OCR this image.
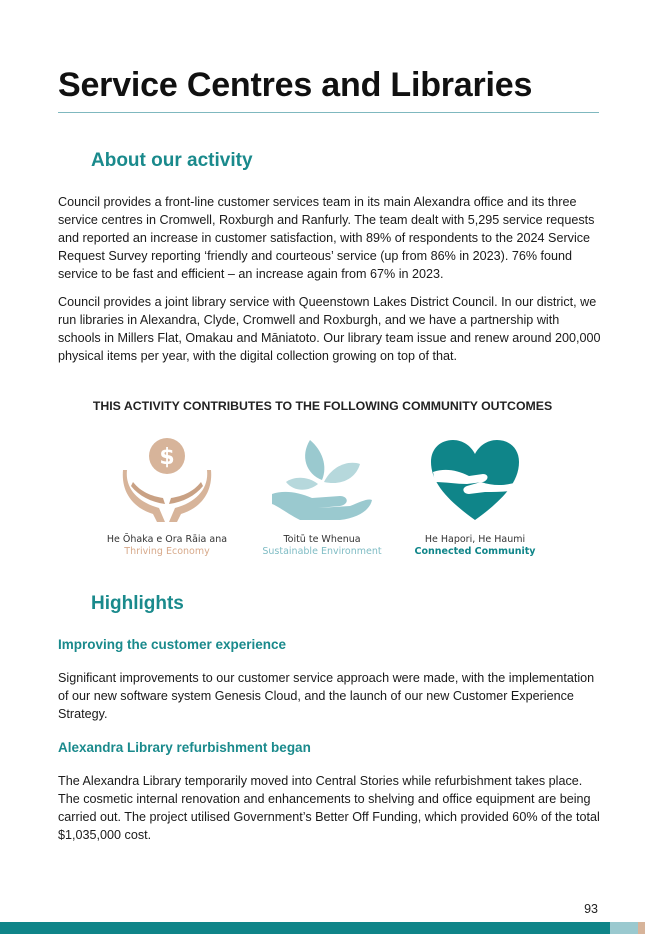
Service Centres and Libraries
About our activity

Council provides a front-line customer services team in its main Alexandra office and its three service centres in Cromwell, Roxburgh and Ranfurly. The team dealt with 5,295 service requests and reported an increase in customer satisfaction, with 89% of respondents to the 2024 Service Request Survey reporting ‘friendly and courteous’ service (up from 86% in 2023). 76% found service to be fast and efficient – an increase again from 67% in 2023.

Council provides a joint library service with Queenstown Lakes District Council. In our district, we run libraries in Alexandra, Clyde, Cromwell and Roxburgh, and we have a partnership with schools in Millers Flat, Omakau and Māniatoto. Our library team issue and renew around 200,000 physical items per year, with the digital collection growing on top of that.

THIS ACTIVITY CONTRIBUTES TO THE FOLLOWING COMMUNITY OUTCOMES

$
He Ōhaka e Ora Rāia ana
Thriving Economy
Toitū te Whenua
Sustainable Environment
He Hapori, He Haumi
Connected Community
Highlights
Improving the customer experience

Significant improvements to our customer service approach were made, with the implementation of our new software system Genesis Cloud, and the launch of our new Customer Experience Strategy.

Alexandra Library refurbishment began

The Alexandra Library temporarily moved into Central Stories while refurbishment takes place. The cosmetic internal renovation and enhancements to shelving and office equipment are being carried out. The project utilised Government’s Better Off Funding, which provided 60% of the total $1,035,000 cost.

93
